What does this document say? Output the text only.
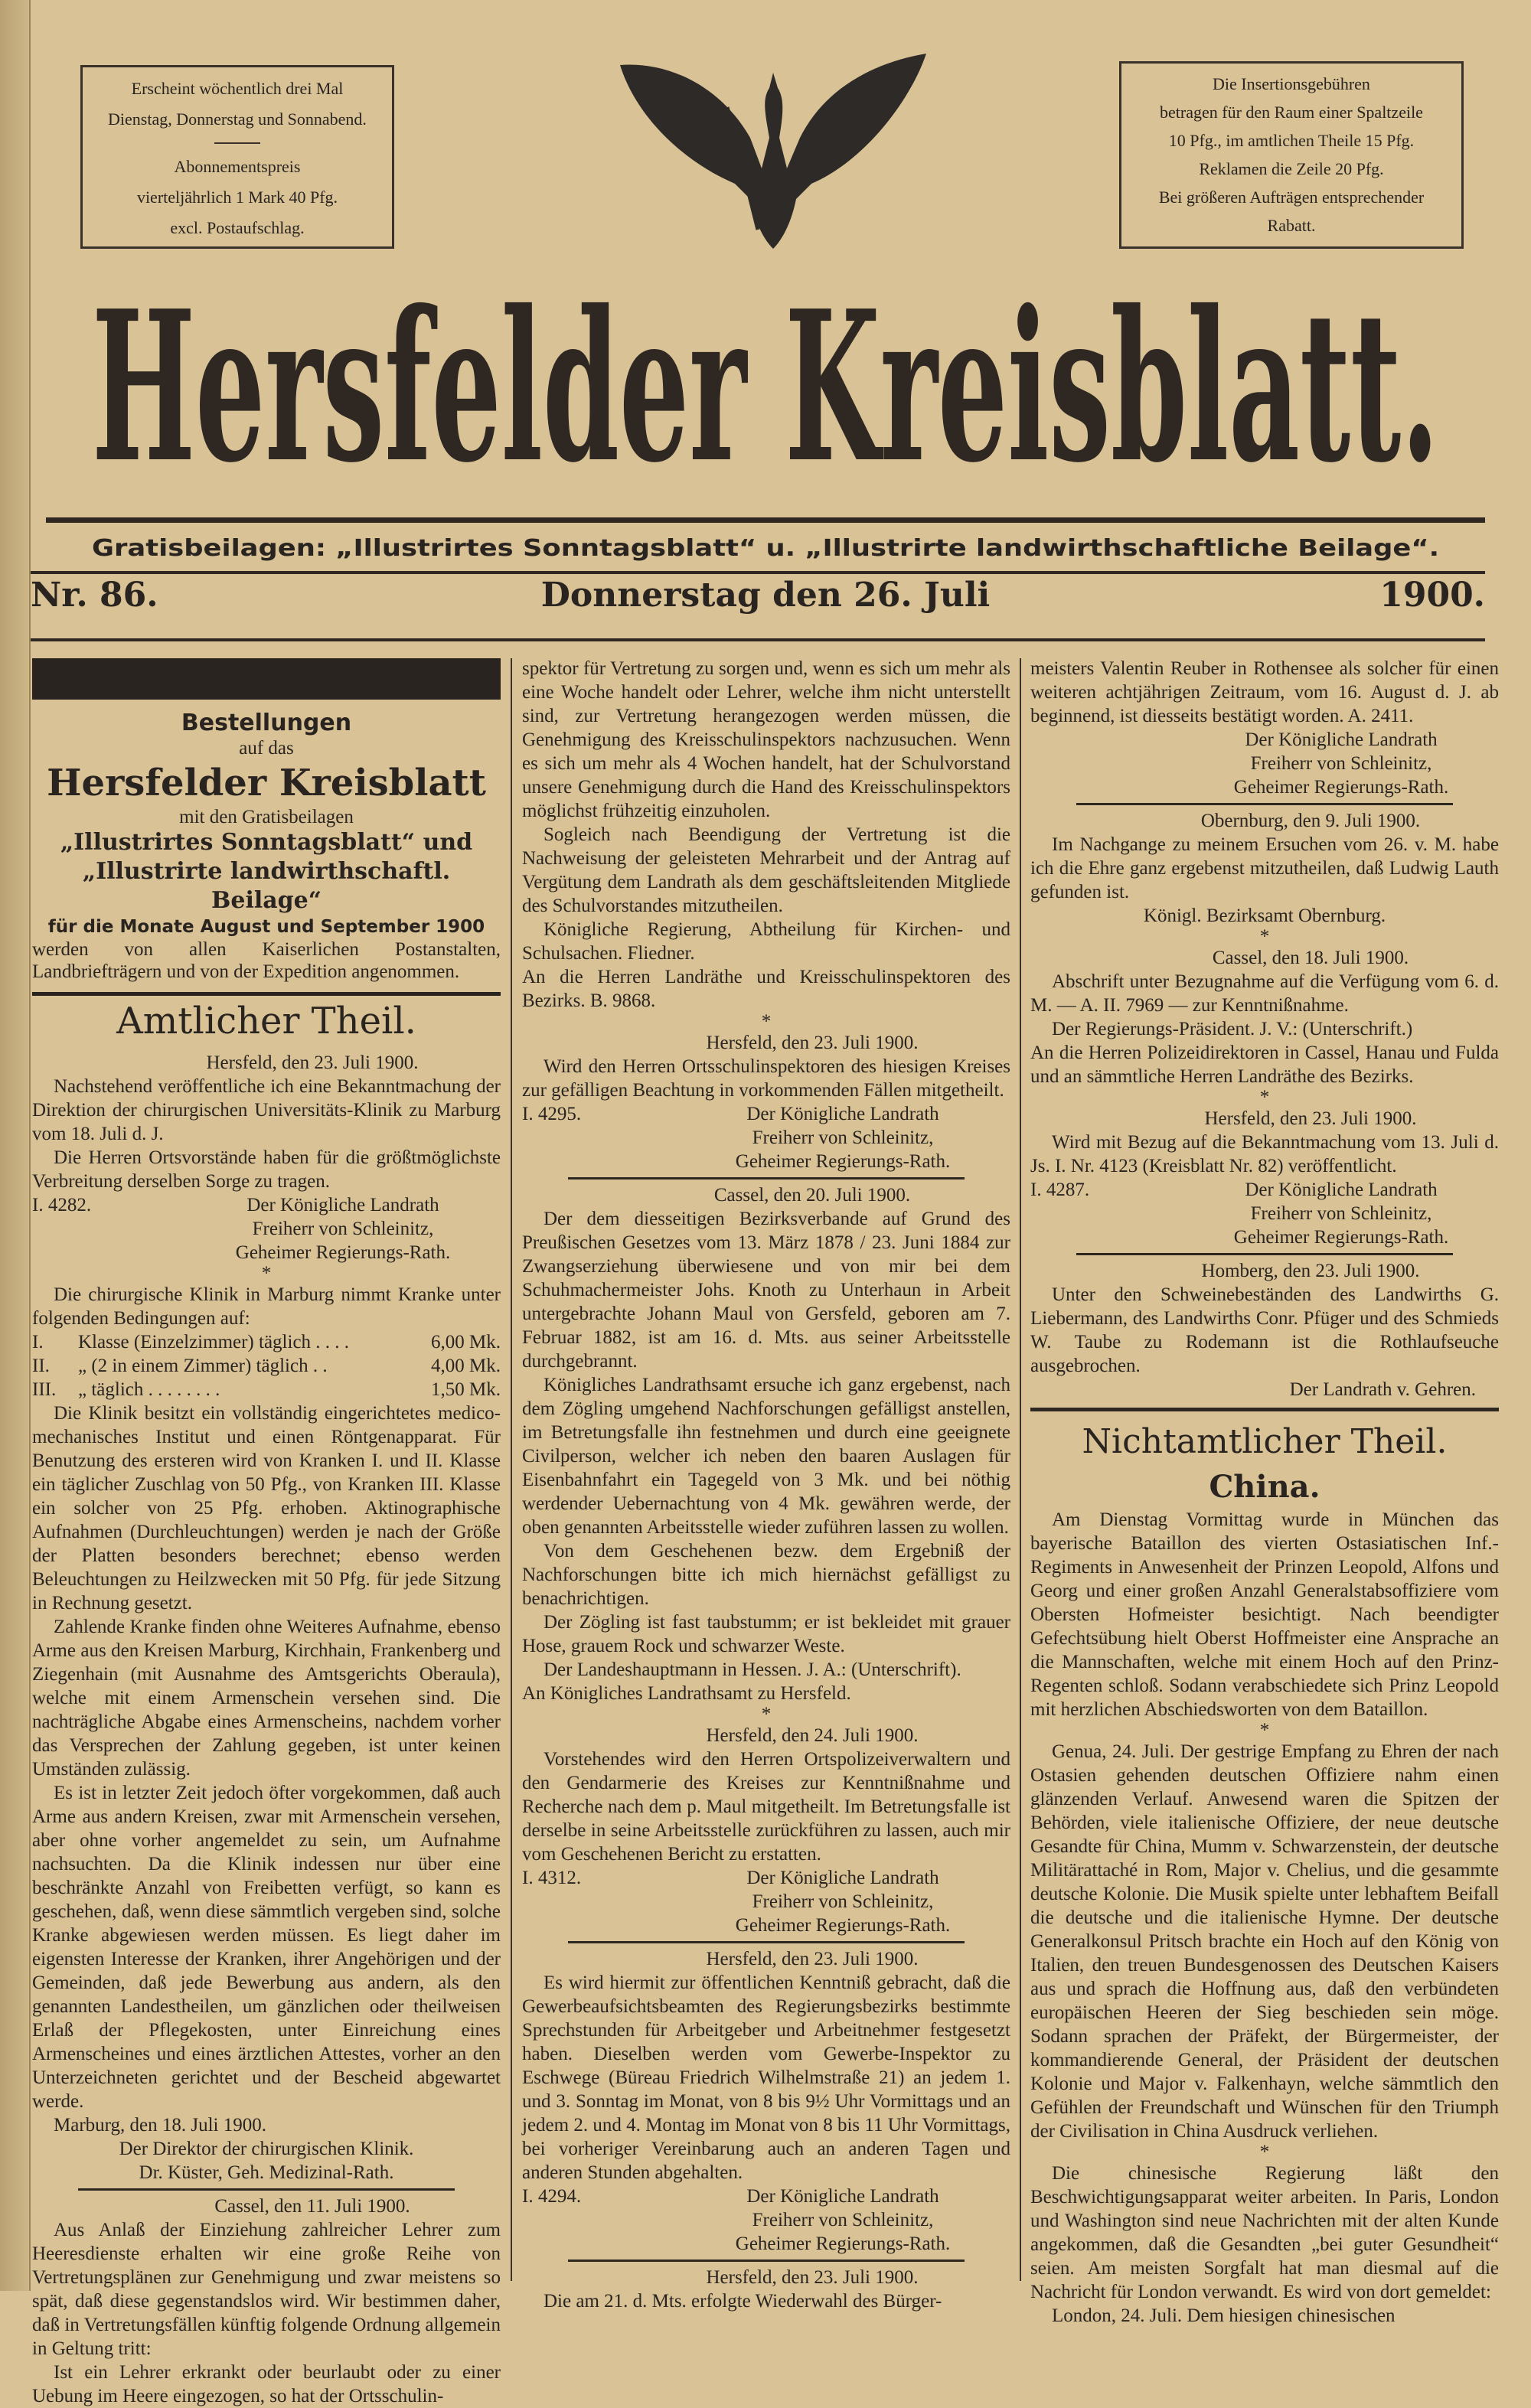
Erscheint wöchentlich drei Mal
Dienstag, Donnerstag und Sonnabend.
Abonnementspreis
vierteljährlich 1 Mark 40 Pfg.
excl. Postaufschlag.
Die Insertionsgebühren
betragen für den Raum einer Spaltzeile
10 Pfg., im amtlichen Theile 15 Pfg.
Reklamen die Zeile 20 Pfg.
Bei größeren Aufträgen entsprechender
Rabatt.
Hersfelder Kreisblatt.
Gratisbeilagen: „Illustrirtes Sonntagsblatt“ u. „Illustrirte landwirthschaftliche Beilage“.
Nr. 86.	Donnerstag den 26. Juli	1900.
Bestellungen
auf das
Hersfelder Kreisblatt
mit den Gratisbeilagen
„Illustrirtes Sonntagsblatt“ und
„Illustrirte landwirthschaftl. Beilage“
für die Monate August und September 1900
werden von allen Kaiserlichen Postanstalten, Landbriefträgern und von der Expedition angenommen.
Amtlicher Theil.
Hersfeld, den 23. Juli 1900.

Nachstehend veröffentliche ich eine Bekanntmachung der Direktion der chirurgischen Universitäts-Klinik zu Marburg vom 18. Juli d. J.

Die Herren Ortsvorstände haben für die größtmöglichste Verbreitung derselben Sorge zu tragen.

I. 4282.	Der Königliche Landrath
Freiherr von Schleinitz,
Geheimer Regierungs-Rath.
*

Die chirurgische Klinik in Marburg nimmt Kranke unter folgenden Bedingungen auf:

I.	Klasse (Einzelzimmer) täglich . . . .	6,00 Mk.
II.	„ (2 in einem Zimmer) täglich . .	4,00 Mk.
III.	„ täglich . . . . . . . .	1,50 Mk.

Die Klinik besitzt ein vollständig eingerichtetes medico-mechanisches Institut und einen Röntgenapparat. Für Benutzung des ersteren wird von Kranken I. und II. Klasse ein täglicher Zuschlag von 50 Pfg., von Kranken III. Klasse ein solcher von 25 Pfg. erhoben. Aktinographische Aufnahmen (Durchleuchtungen) werden je nach der Größe der Platten besonders berechnet; ebenso werden Beleuchtungen zu Heilzwecken mit 50 Pfg. für jede Sitzung in Rechnung gesetzt.

Zahlende Kranke finden ohne Weiteres Aufnahme, ebenso Arme aus den Kreisen Marburg, Kirchhain, Frankenberg und Ziegenhain (mit Ausnahme des Amtsgerichts Oberaula), welche mit einem Armenschein versehen sind. Die nachträgliche Abgabe eines Armenscheins, nachdem vorher das Versprechen der Zahlung gegeben, ist unter keinen Umständen zulässig.

Es ist in letzter Zeit jedoch öfter vorgekommen, daß auch Arme aus andern Kreisen, zwar mit Armenschein versehen, aber ohne vorher angemeldet zu sein, um Aufnahme nachsuchten. Da die Klinik indessen nur über eine beschränkte Anzahl von Freibetten verfügt, so kann es geschehen, daß, wenn diese sämmtlich vergeben sind, solche Kranke abgewiesen werden müssen. Es liegt daher im eigensten Interesse der Kranken, ihrer Angehörigen und der Gemeinden, daß jede Bewerbung aus andern, als den genannten Landestheilen, um gänzlichen oder theilweisen Erlaß der Pflegekosten, unter Einreichung eines Armenscheines und eines ärztlichen Attestes, vorher an den Unterzeichneten gerichtet und der Bescheid abgewartet werde.

Marburg, den 18. Juli 1900.

Der Direktor der chirurgischen Klinik.
Dr. Küster, Geh. Medizinal-Rath.
Cassel, den 11. Juli 1900.

Aus Anlaß der Einziehung zahlreicher Lehrer zum Heeresdienste erhalten wir eine große Reihe von Vertretungsplänen zur Genehmigung und zwar meistens so spät, daß diese gegenstandslos wird. Wir bestimmen daher, daß in Vertretungsfällen künftig folgende Ordnung allgemein in Geltung tritt:

Ist ein Lehrer erkrankt oder beurlaubt oder zu einer Uebung im Heere eingezogen, so hat der Ortsschulin-

spektor für Vertretung zu sorgen und, wenn es sich um mehr als eine Woche handelt oder Lehrer, welche ihm nicht unterstellt sind, zur Vertretung herangezogen werden müssen, die Genehmigung des Kreisschulinspektors nachzusuchen. Wenn es sich um mehr als 4 Wochen handelt, hat der Schulvorstand unsere Genehmigung durch die Hand des Kreisschulinspektors möglichst frühzeitig einzuholen.

Sogleich nach Beendigung der Vertretung ist die Nachweisung der geleisteten Mehrarbeit und der Antrag auf Vergütung dem Landrath als dem geschäftsleitenden Mitgliede des Schulvorstandes mitzutheilen.

Königliche Regierung, Abtheilung für Kirchen- und Schulsachen. Fliedner.

An die Herren Landräthe und Kreisschulinspektoren des Bezirks. B. 9868.

*
Hersfeld, den 23. Juli 1900.

Wird den Herren Ortsschulinspektoren des hiesigen Kreises zur gefälligen Beachtung in vorkommenden Fällen mitgetheilt.

I. 4295.	Der Königliche Landrath
Freiherr von Schleinitz,
Geheimer Regierungs-Rath.
Cassel, den 20. Juli 1900.

Der dem diesseitigen Bezirksverbande auf Grund des Preußischen Gesetzes vom 13. März 1878 / 23. Juni 1884 zur Zwangserziehung überwiesene und von mir bei dem Schuhmachermeister Johs. Knoth zu Unterhaun in Arbeit untergebrachte Johann Maul von Gersfeld, geboren am 7. Februar 1882, ist am 16. d. Mts. aus seiner Arbeitsstelle durchgebrannt.

Königliches Landrathsamt ersuche ich ganz ergebenst, nach dem Zögling umgehend Nachforschungen gefälligst anstellen, im Betretungsfalle ihn festnehmen und durch eine geeignete Civilperson, welcher ich neben den baaren Auslagen für Eisenbahnfahrt ein Tagegeld von 3 Mk. und bei nöthig werdender Uebernachtung von 4 Mk. gewähren werde, der oben genannten Arbeitsstelle wieder zuführen lassen zu wollen.

Von dem Geschehenen bezw. dem Ergebniß der Nachforschungen bitte ich mich hiernächst gefälligst zu benachrichtigen.

Der Zögling ist fast taubstumm; er ist bekleidet mit grauer Hose, grauem Rock und schwarzer Weste.

Der Landeshauptmann in Hessen. J. A.: (Unterschrift).

An Königliches Landrathsamt zu Hersfeld.

*
Hersfeld, den 24. Juli 1900.

Vorstehendes wird den Herren Ortspolizeiverwaltern und den Gendarmerie des Kreises zur Kenntnißnahme und Recherche nach dem p. Maul mitgetheilt. Im Betretungsfalle ist derselbe in seine Arbeitsstelle zurückführen zu lassen, auch mir vom Geschehenen Bericht zu erstatten.

I. 4312.	Der Königliche Landrath
Freiherr von Schleinitz,
Geheimer Regierungs-Rath.
Hersfeld, den 23. Juli 1900.

Es wird hiermit zur öffentlichen Kenntniß gebracht, daß die Gewerbeaufsichtsbeamten des Regierungsbezirks bestimmte Sprechstunden für Arbeitgeber und Arbeitnehmer festgesetzt haben. Dieselben werden vom Gewerbe-Inspektor zu Eschwege (Büreau Friedrich Wilhelmstraße 21) an jedem 1. und 3. Sonntag im Monat, von 8 bis 9½ Uhr Vormittags und an jedem 2. und 4. Montag im Monat von 8 bis 11 Uhr Vormittags, bei vorheriger Vereinbarung auch an anderen Tagen und anderen Stunden abgehalten.

I. 4294.	Der Königliche Landrath
Freiherr von Schleinitz,
Geheimer Regierungs-Rath.
Hersfeld, den 23. Juli 1900.

Die am 21. d. Mts. erfolgte Wiederwahl des Bürger-

meisters Valentin Reuber in Rothensee als solcher für einen weiteren achtjährigen Zeitraum, vom 16. August d. J. ab beginnend, ist diesseits bestätigt worden. A. 2411.

Der Königliche Landrath
Freiherr von Schleinitz,
Geheimer Regierungs-Rath.
Obernburg, den 9. Juli 1900.

Im Nachgange zu meinem Ersuchen vom 26. v. M. habe ich die Ehre ganz ergebenst mitzutheilen, daß Ludwig Lauth gefunden ist.

Königl. Bezirksamt Obernburg.
*
Cassel, den 18. Juli 1900.

Abschrift unter Bezugnahme auf die Verfügung vom 6. d. M. — A. II. 7969 — zur Kenntnißnahme.

Der Regierungs-Präsident. J. V.: (Unterschrift.)

An die Herren Polizeidirektoren in Cassel, Hanau und Fulda und an sämmtliche Herren Landräthe des Bezirks.

*
Hersfeld, den 23. Juli 1900.

Wird mit Bezug auf die Bekanntmachung vom 13. Juli d. Js. I. Nr. 4123 (Kreisblatt Nr. 82) veröffentlicht.

I. 4287.	Der Königliche Landrath
Freiherr von Schleinitz,
Geheimer Regierungs-Rath.
Homberg, den 23. Juli 1900.

Unter den Schweinebeständen des Landwirths G. Liebermann, des Landwirths Conr. Pfüger und des Schmieds W. Taube zu Rodemann ist die Rothlaufseuche ausgebrochen.

Der Landrath v. Gehren.
Nichtamtlicher Theil.
China.

Am Dienstag Vormittag wurde in München das bayerische Bataillon des vierten Ostasiatischen Inf.-Regiments in Anwesenheit der Prinzen Leopold, Alfons und Georg und einer großen Anzahl Generalstabsoffiziere vom Obersten Hofmeister besichtigt. Nach beendigter Gefechtsübung hielt Oberst Hoffmeister eine Ansprache an die Mannschaften, welche mit einem Hoch auf den Prinz-Regenten schloß. Sodann verabschiedete sich Prinz Leopold mit herzlichen Abschiedsworten von dem Bataillon.

*

Genua, 24. Juli. Der gestrige Empfang zu Ehren der nach Ostasien gehenden deutschen Offiziere nahm einen glänzenden Verlauf. Anwesend waren die Spitzen der Behörden, viele italienische Offiziere, der neue deutsche Gesandte für China, Mumm v. Schwarzenstein, der deutsche Militärattaché in Rom, Major v. Chelius, und die gesammte deutsche Kolonie. Die Musik spielte unter lebhaftem Beifall die deutsche und die italienische Hymne. Der deutsche Generalkonsul Pritsch brachte ein Hoch auf den König von Italien, den treuen Bundesgenossen des Deutschen Kaisers aus und sprach die Hoffnung aus, daß den verbündeten europäischen Heeren der Sieg beschieden sein möge. Sodann sprachen der Präfekt, der Bürgermeister, der kommandierende General, der Präsident der deutschen Kolonie und Major v. Falkenhayn, welche sämmtlich den Gefühlen der Freundschaft und Wünschen für den Triumph der Civilisation in China Ausdruck verliehen.

*

Die chinesische Regierung läßt den Beschwichtigungsapparat weiter arbeiten. In Paris, London und Washington sind neue Nachrichten mit der alten Kunde angekommen, daß die Gesandten „bei guter Gesundheit“ seien. Am meisten Sorgfalt hat man diesmal auf die Nachricht für London verwandt. Es wird von dort gemeldet:

London, 24. Juli. Dem hiesigen chinesischen
